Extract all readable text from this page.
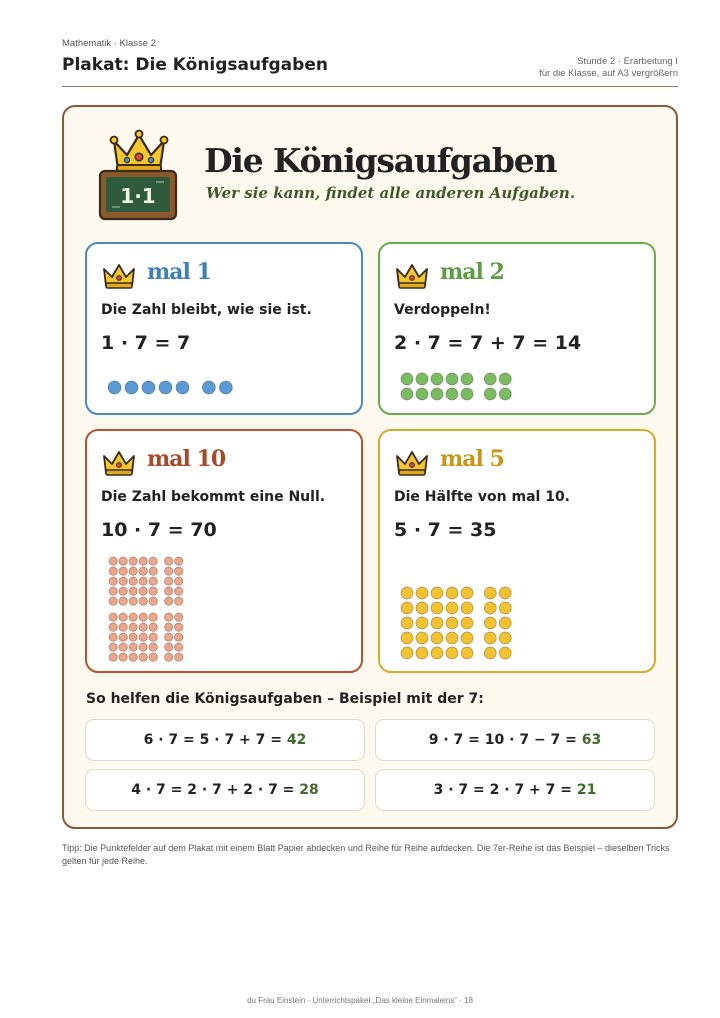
Mathematik · Klasse 2
Plakat: Die Königsaufgaben	Stunde 2 · Erarbeitung I
für die Klasse, auf A3 vergrößern
1·1
Die Königsaufgaben
Wer sie kann, findet alle anderen Aufgaben.
mal 1
Die Zahl bleibt, wie sie ist.
1 · 7 = 7
mal 2
Verdoppeln!
2 · 7 = 7 + 7 = 14
mal 10
Die Zahl bekommt eine Null.
10 · 7 = 70
mal 5
Die Hälfte von mal 10.
5 · 7 = 35
So helfen die Königsaufgaben – Beispiel mit der 7:
6 · 7 = 5 · 7 + 7 = 42	9 · 7 = 10 · 7 − 7 = 63
4 · 7 = 2 · 7 + 2 · 7 = 28	3 · 7 = 2 · 7 + 7 = 21
Tipp: Die Punktefelder auf dem Plakat mit einem Blatt Papier abdecken und Reihe für Reihe aufdecken. Die 7er-Reihe ist das Beispiel – dieselben Tricks gelten für jede Reihe.
du Frau Einstein · Unterrichtspaket „Das kleine Einmaleins“ · 18
